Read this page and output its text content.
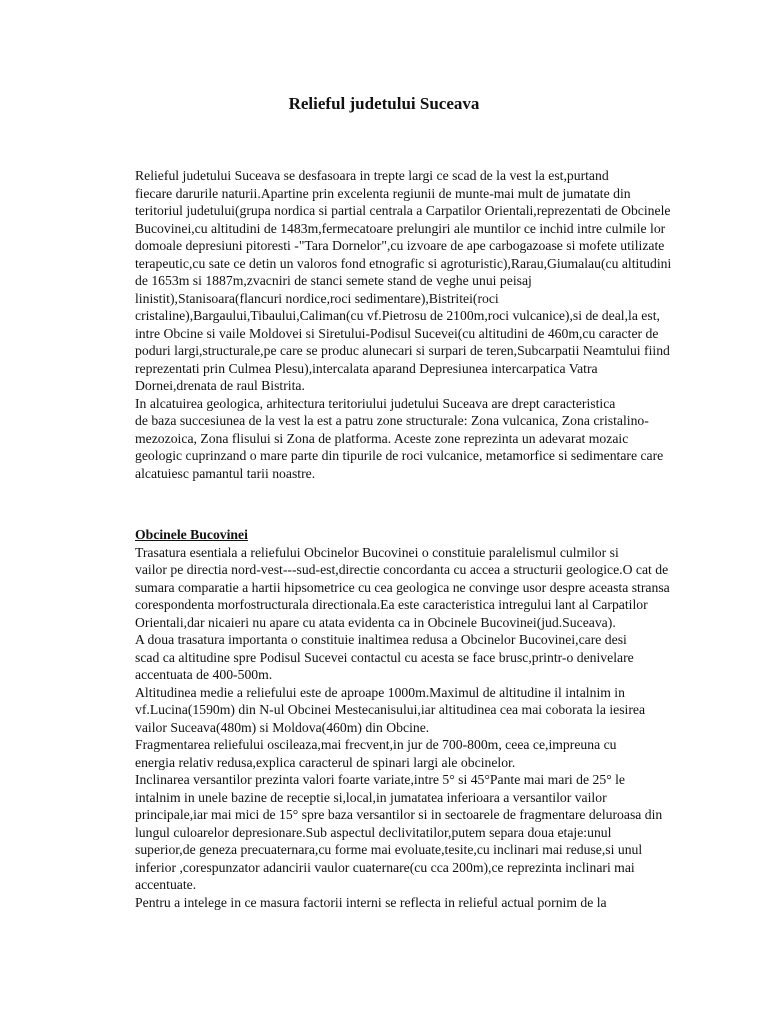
Relieful judetului Suceava

Relieful judetului Suceava se desfasoara in trepte largi ce scad de la vest la est,purtand
fiecare darurile naturii.Apartine prin excelenta regiunii de munte-mai mult de jumatate din
teritoriul judetului(grupa nordica si partial centrala a Carpatilor Orientali,reprezentati de Obcinele
Bucovinei,cu altitudini de 1483m,fermecatoare prelungiri ale muntilor ce inchid intre culmile lor
domoale depresiuni pitoresti -"Tara Dornelor",cu izvoare de ape carbogazoase si mofete utilizate
terapeutic,cu sate ce detin un valoros fond etnografic si agroturistic),Rarau,Giumalau(cu altitudini
de 1653m si 1887m,zvacniri de stanci semete stand de veghe unui peisaj
linistit),Stanisoara(flancuri nordice,roci sedimentare),Bistritei(roci
cristaline),Bargaului,Tibaului,Caliman(cu vf.Pietrosu de 2100m,roci vulcanice),si de deal,la est,
intre Obcine si vaile Moldovei si Siretului-Podisul Sucevei(cu altitudini de 460m,cu caracter de
poduri largi,structurale,pe care se produc alunecari si surpari de teren,Subcarpatii Neamtului fiind
reprezentati prin Culmea Plesu),intercalata aparand Depresiunea intercarpatica Vatra
Dornei,drenata de raul Bistrita.

In alcatuirea geologica, arhitectura teritoriului judetului Suceava are drept caracteristica
de baza succesiunea de la vest la est a patru zone structurale: Zona vulcanica, Zona cristalino-
mezozoica, Zona flisului si Zona de platforma. Aceste zone reprezinta un adevarat mozaic
geologic cuprinzand o mare parte din tipurile de roci vulcanice, metamorfice si sedimentare care
alcatuiesc pamantul tarii noastre.

Obcinele Bucovinei

Trasatura esentiala a reliefului Obcinelor Bucovinei o constituie paralelismul culmilor si
vailor pe directia nord-vest---sud-est,directie concordanta cu accea a structurii geologice.O cat de
sumara comparatie a hartii hipsometrice cu cea geologica ne convinge usor despre aceasta stransa
corespondenta morfostructurala directionala.Ea este caracteristica intregului lant al Carpatilor
Orientali,dar nicaieri nu apare cu atata evidenta ca in Obcinele Bucovinei(jud.Suceava).

A doua trasatura importanta o constituie inaltimea redusa a Obcinelor Bucovinei,care desi
scad ca altitudine spre Podisul Sucevei contactul cu acesta se face brusc,printr-o denivelare
accentuata de 400-500m.

Altitudinea medie a reliefului este de aproape 1000m.Maximul de altitudine il intalnim in
vf.Lucina(1590m) din N-ul Obcinei Mestecanisului,iar altitudinea cea mai coborata la iesirea
vailor Suceava(480m) si Moldova(460m) din Obcine.

Fragmentarea reliefului oscileaza,mai frecvent,in jur de 700-800m, ceea ce,impreuna cu
energia relativ redusa,explica caracterul de spinari largi ale obcinelor.

Inclinarea versantilor prezinta valori foarte variate,intre 5° si 45°Pante mai mari de 25° le
intalnim in unele bazine de receptie si,local,in jumatatea inferioara a versantilor vailor
principale,iar mai mici de 15° spre baza versantilor si in sectoarele de fragmentare deluroasa din
lungul culoarelor depresionare.Sub aspectul declivitatilor,putem separa doua etaje:unul
superior,de geneza precuaternara,cu forme mai evoluate,tesite,cu inclinari mai reduse,si unul
inferior ,corespunzator adancirii vaulor cuaternare(cu cca 200m),ce reprezinta inclinari mai
accentuate.

Pentru a intelege in ce masura factorii interni se reflecta in relieful actual pornim de la
